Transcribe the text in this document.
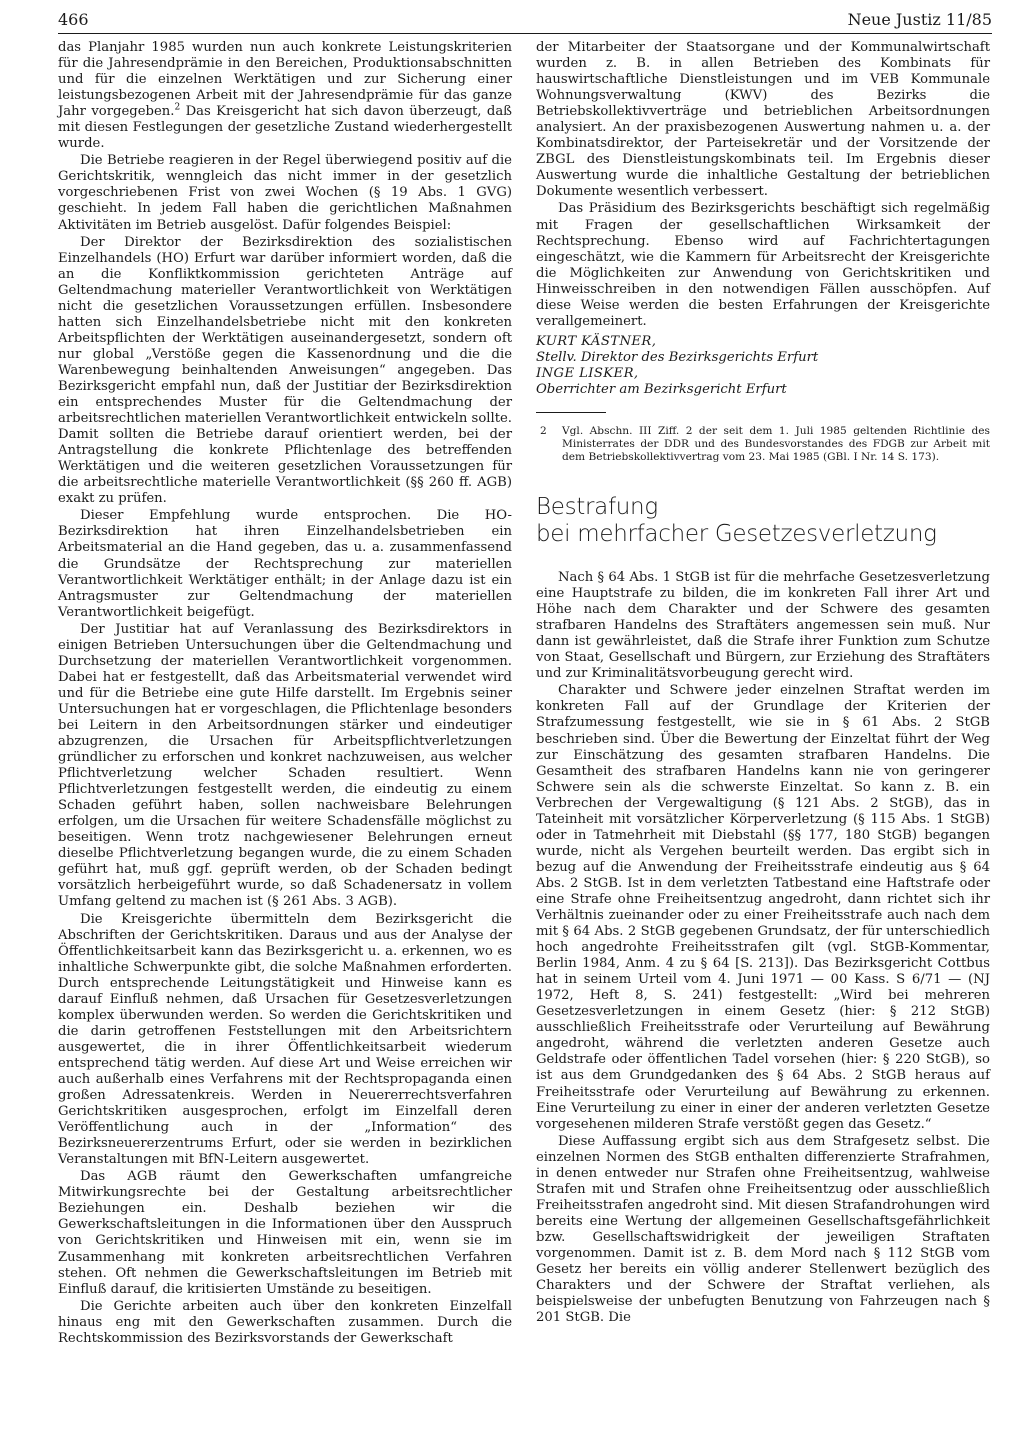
466	Neue Justiz 11/85

das Planjahr 1985 wurden nun auch konkrete Leistungskriterien für die Jahresendprämie in den Bereichen, Produktionsabschnitten und für die einzelnen Werktätigen und zur Sicherung einer leistungsbezogenen Arbeit mit der Jahresendprämie für das ganze Jahr vorgegeben.$^2$ Das Kreisgericht hat sich davon überzeugt, daß mit diesen Festlegungen der gesetzliche Zustand wiederhergestellt wurde.

Die Betriebe reagieren in der Regel überwiegend positiv auf die Gerichtskritik, wenngleich das nicht immer in der gesetzlich vorgeschriebenen Frist von zwei Wochen (§ 19 Abs. 1 GVG) geschieht. In jedem Fall haben die gerichtlichen Maßnahmen Aktivitäten im Betrieb ausgelöst. Dafür folgendes Beispiel:

Der Direktor der Bezirksdirektion des sozialistischen Einzelhandels (HO) Erfurt war darüber informiert worden, daß die an die Konfliktkommission gerichteten Anträge auf Geltendmachung materieller Verantwortlichkeit von Werktätigen nicht die gesetzlichen Voraussetzungen erfüllen. Insbesondere hatten sich Einzelhandelsbetriebe nicht mit den konkreten Arbeitspflichten der Werktätigen auseinandergesetzt, sondern oft nur global „Verstöße gegen die Kassenordnung und die die Warenbewegung beinhaltenden Anweisungen“ angegeben. Das Bezirksgericht empfahl nun, daß der Justitiar der Bezirksdirektion ein entsprechendes Muster für die Geltendmachung der arbeitsrechtlichen materiellen Verantwortlichkeit entwickeln sollte. Damit sollten die Betriebe darauf orientiert werden, bei der Antragstellung die konkrete Pflichtenlage des betreffenden Werktätigen und die weiteren gesetzlichen Voraussetzungen für die arbeitsrechtliche materielle Verantwortlichkeit (§§ 260 ff. AGB) exakt zu prüfen.

Dieser Empfehlung wurde entsprochen. Die HO-Bezirksdirektion hat ihren Einzelhandelsbetrieben ein Arbeitsmaterial an die Hand gegeben, das u. a. zusammenfassend die Grundsätze der Rechtsprechung zur materiellen Verantwortlichkeit Werktätiger enthält; in der Anlage dazu ist ein Antragsmuster zur Geltendmachung der materiellen Verantwortlichkeit beigefügt.

Der Justitiar hat auf Veranlassung des Bezirksdirektors in einigen Betrieben Untersuchungen über die Geltendmachung und Durchsetzung der materiellen Verantwortlichkeit vorgenommen. Dabei hat er festgestellt, daß das Arbeitsmaterial verwendet wird und für die Betriebe eine gute Hilfe darstellt. Im Ergebnis seiner Untersuchungen hat er vorgeschlagen, die Pflichtenlage besonders bei Leitern in den Arbeitsordnungen stärker und eindeutiger abzugrenzen, die Ursachen für Arbeitspflichtverletzungen gründlicher zu erforschen und konkret nachzuweisen, aus welcher Pflichtverletzung welcher Schaden resultiert. Wenn Pflichtverletzungen festgestellt werden, die eindeutig zu einem Schaden geführt haben, sollen nachweisbare Belehrungen erfolgen, um die Ursachen für weitere Schadensfälle möglichst zu beseitigen. Wenn trotz nachgewiesener Belehrungen erneut dieselbe Pflichtverletzung begangen wurde, die zu einem Schaden geführt hat, muß ggf. geprüft werden, ob der Schaden bedingt vorsätzlich herbeigeführt wurde, so daß Schadenersatz in vollem Umfang geltend zu machen ist (§ 261 Abs. 3 AGB).

Die Kreisgerichte übermitteln dem Bezirksgericht die Abschriften der Gerichtskritiken. Daraus und aus der Analyse der Öffentlichkeitsarbeit kann das Bezirksgericht u. a. erkennen, wo es inhaltliche Schwerpunkte gibt, die solche Maßnahmen erforderten. Durch entsprechende Leitungstätigkeit und Hinweise kann es darauf Einfluß nehmen, daß Ursachen für Gesetzesverletzungen komplex überwunden werden. So werden die Gerichtskritiken und die darin getroffenen Feststellungen mit den Arbeitsrichtern ausgewertet, die in ihrer Öffentlichkeitsarbeit wiederum entsprechend tätig werden. Auf diese Art und Weise erreichen wir auch außerhalb eines Verfahrens mit der Rechtspropaganda einen großen Adressatenkreis. Werden in Neuererrechtsverfahren Gerichtskritiken ausgesprochen, erfolgt im Einzelfall deren Veröffentlichung auch in der „Information“ des Bezirksneuererzentrums Erfurt, oder sie werden in bezirklichen Veranstaltungen mit BfN-Leitern ausgewertet.

Das AGB räumt den Gewerkschaften umfangreiche Mitwirkungsrechte bei der Gestaltung arbeitsrechtlicher Beziehungen ein. Deshalb beziehen wir die Gewerkschaftsleitungen in die Informationen über den Ausspruch von Gerichtskritiken und Hinweisen mit ein, wenn sie im Zusammenhang mit konkreten arbeitsrechtlichen Verfahren stehen. Oft nehmen die Gewerkschaftsleitungen im Betrieb mit Einfluß darauf, die kritisierten Umstände zu beseitigen.

Die Gerichte arbeiten auch über den konkreten Einzelfall hinaus eng mit den Gewerkschaften zusammen. Durch die Rechtskommission des Bezirksvorstands der Gewerkschaft

der Mitarbeiter der Staatsorgane und der Kommunalwirtschaft wurden z. B. in allen Betrieben des Kombinats für hauswirtschaftliche Dienstleistungen und im VEB Kommunale Wohnungsverwaltung (KWV) des Bezirks die Betriebskollektivverträge und betrieblichen Arbeitsordnungen analysiert. An der praxisbezogenen Auswertung nahmen u. a. der Kombinatsdirektor, der Parteisekretär und der Vorsitzende der ZBGL des Dienstleistungskombinats teil. Im Ergebnis dieser Auswertung wurde die inhaltliche Gestaltung der betrieblichen Dokumente wesentlich verbessert.

Das Präsidium des Bezirksgerichts beschäftigt sich regelmäßig mit Fragen der gesellschaftlichen Wirksamkeit der Rechtsprechung. Ebenso wird auf Fachrichtertagungen eingeschätzt, wie die Kammern für Arbeitsrecht der Kreisgerichte die Möglichkeiten zur Anwendung von Gerichtskritiken und Hinweisschreiben in den notwendigen Fällen ausschöpfen. Auf diese Weise werden die besten Erfahrungen der Kreisgerichte verallgemeinert.

KURT KÄSTNER,
Stellv. Direktor des Bezirksgerichts Erfurt
INGE LISKER,
Oberrichter am Bezirksgericht Erfurt
2 Vgl. Abschn. III Ziff. 2 der seit dem 1. Juli 1985 geltenden Richtlinie des Ministerrates der DDR und des Bundesvorstandes des FDGB zur Arbeit mit dem Betriebskollektivvertrag vom 23. Mai 1985 (GBl. I Nr. 14 S. 173).
Bestrafung
bei mehrfacher Gesetzesverletzung

Nach § 64 Abs. 1 StGB ist für die mehrfache Gesetzesverletzung eine Hauptstrafe zu bilden, die im konkreten Fall ihrer Art und Höhe nach dem Charakter und der Schwere des gesamten strafbaren Handelns des Straftäters angemessen sein muß. Nur dann ist gewährleistet, daß die Strafe ihrer Funktion zum Schutze von Staat, Gesellschaft und Bürgern, zur Erziehung des Straftäters und zur Kriminalitätsvorbeugung gerecht wird.

Charakter und Schwere jeder einzelnen Straftat werden im konkreten Fall auf der Grundlage der Kriterien der Strafzumessung festgestellt, wie sie in § 61 Abs. 2 StGB beschrieben sind. Über die Bewertung der Einzeltat führt der Weg zur Einschätzung des gesamten strafbaren Handelns. Die Gesamtheit des strafbaren Handelns kann nie von geringerer Schwere sein als die schwerste Einzeltat. So kann z. B. ein Verbrechen der Vergewaltigung (§ 121 Abs. 2 StGB), das in Tateinheit mit vorsätzlicher Körperverletzung (§ 115 Abs. 1 StGB) oder in Tatmehrheit mit Diebstahl (§§ 177, 180 StGB) begangen wurde, nicht als Vergehen beurteilt werden. Das ergibt sich in bezug auf die Anwendung der Freiheitsstrafe eindeutig aus § 64 Abs. 2 StGB. Ist in dem verletzten Tatbestand eine Haftstrafe oder eine Strafe ohne Freiheitsentzug angedroht, dann richtet sich ihr Verhältnis zueinander oder zu einer Freiheitsstrafe auch nach dem mit § 64 Abs. 2 StGB gegebenen Grundsatz, der für unterschiedlich hoch angedrohte Freiheitsstrafen gilt (vgl. StGB-Kommentar, Berlin 1984, Anm. 4 zu § 64 [S. 213]). Das Bezirksgericht Cottbus hat in seinem Urteil vom 4. Juni 1971 — 00 Kass. S 6/71 — (NJ 1972, Heft 8, S. 241) festgestellt: „Wird bei mehreren Gesetzesverletzungen in einem Gesetz (hier: § 212 StGB) ausschließlich Freiheitsstrafe oder Verurteilung auf Bewährung angedroht, während die verletzten anderen Gesetze auch Geldstrafe oder öffentlichen Tadel vorsehen (hier: § 220 StGB), so ist aus dem Grundgedanken des § 64 Abs. 2 StGB heraus auf Freiheitsstrafe oder Verurteilung auf Bewährung zu erkennen. Eine Verurteilung zu einer in einer der anderen verletzten Gesetze vorgesehenen milderen Strafe verstößt gegen das Gesetz.“

Diese Auffassung ergibt sich aus dem Strafgesetz selbst. Die einzelnen Normen des StGB enthalten differenzierte Strafrahmen, in denen entweder nur Strafen ohne Freiheitsentzug, wahlweise Strafen mit und Strafen ohne Freiheitsentzug oder ausschließlich Freiheitsstrafen angedroht sind. Mit diesen Strafandrohungen wird bereits eine Wertung der allgemeinen Gesellschaftsgefährlichkeit bzw. Gesellschaftswidrigkeit der jeweiligen Straftaten vorgenommen. Damit ist z. B. dem Mord nach § 112 StGB vom Gesetz her bereits ein völlig anderer Stellenwert bezüglich des Charakters und der Schwere der Straftat verliehen, als beispielsweise der unbefugten Benutzung von Fahrzeugen nach § 201 StGB. Die
